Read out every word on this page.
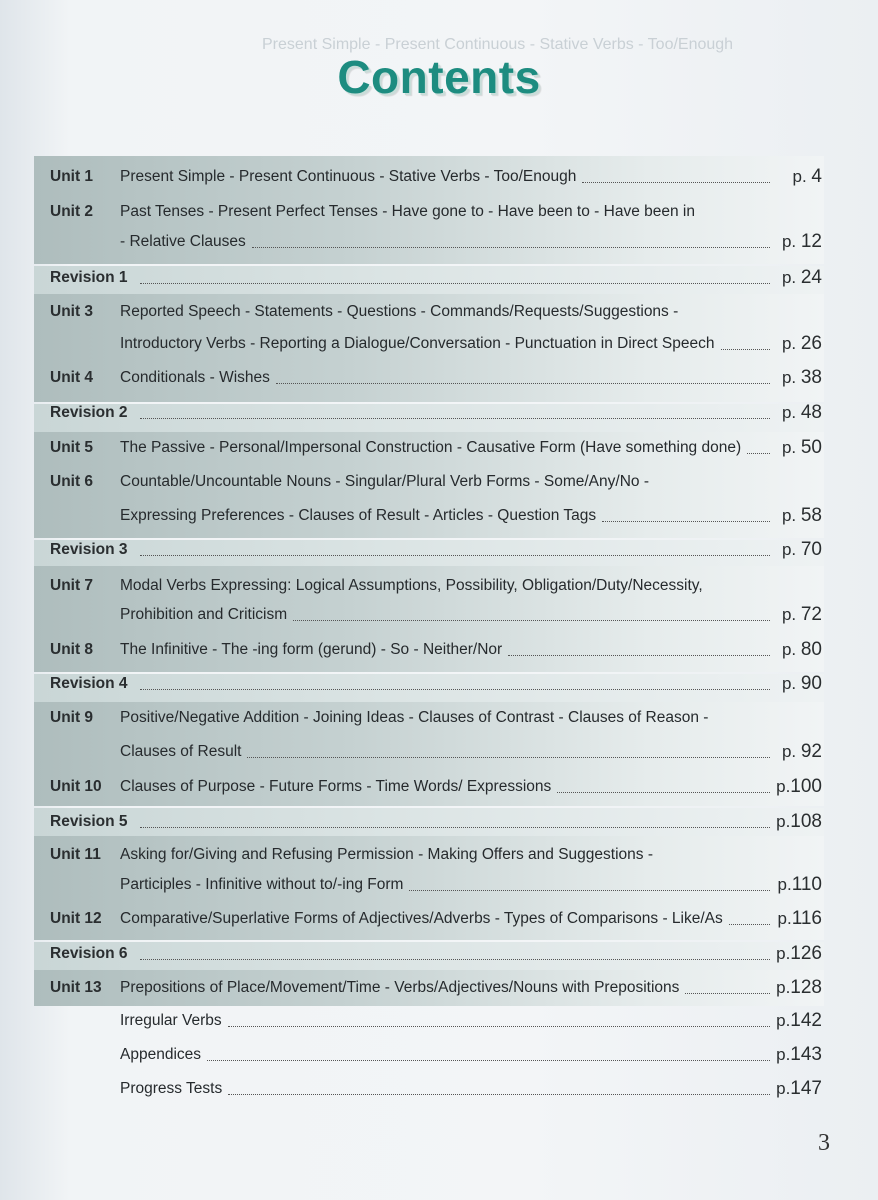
Present Simple - Present Continuous - Stative Verbs - Too/Enough
Contents
Unit 1	Present Simple - Present Continuous - Stative Verbs - Too/Enough	p. 4
Unit 2	Past Tenses - Present Perfect Tenses - Have gone to - Have been to - Have been in
- Relative Clauses	p. 12
Revision 1	p. 24
Unit 3	Reported Speech - Statements - Questions - Commands/Requests/Suggestions -
Introductory Verbs - Reporting a Dialogue/Conversation - Punctuation in Direct Speech	p. 26
Unit 4	Conditionals - Wishes	p. 38
Revision 2	p. 48
Unit 5	The Passive - Personal/Impersonal Construction - Causative Form (Have something done)	p. 50
Unit 6	Countable/Uncountable Nouns - Singular/Plural Verb Forms - Some/Any/No -
Expressing Preferences - Clauses of Result - Articles - Question Tags	p. 58
Revision 3	p. 70
Unit 7	Modal Verbs Expressing: Logical Assumptions, Possibility, Obligation/Duty/Necessity,
Prohibition and Criticism	p. 72
Unit 8	The Infinitive - The -ing form (gerund) - So - Neither/Nor	p. 80
Revision 4	p. 90
Unit 9	Positive/Negative Addition - Joining Ideas - Clauses of Contrast - Clauses of Reason -
Clauses of Result	p. 92
Unit 10	Clauses of Purpose - Future Forms - Time Words/ Expressions	p.100
Revision 5	p.108
Unit 11	Asking for/Giving and Refusing Permission - Making Offers and Suggestions -
Participles - Infinitive without to/-ing Form	p.110
Unit 12	Comparative/Superlative Forms of Adjectives/Adverbs - Types of Comparisons - Like/As	p.116
Revision 6	p.126
Unit 13	Prepositions of Place/Movement/Time - Verbs/Adjectives/Nouns with Prepositions	p.128
Irregular Verbs	p.142
Appendices	p.143
Progress Tests	p.147
3
